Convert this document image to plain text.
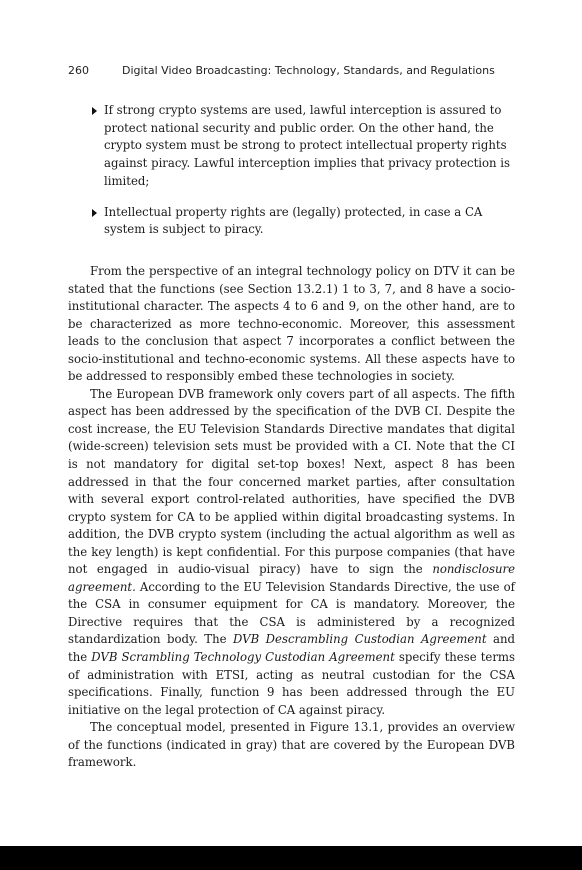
260	Digital Video Broadcasting: Technology, Standards, and Regulations
If strong crypto systems are used, lawful interception is assured to protect national security and public order. On the other hand, the crypto system must be strong to protect intellectual property rights against piracy. Lawful interception implies that privacy protection is limited;
Intellectual property rights are (legally) protected, in case a CA system is subject to piracy.

From the perspective of an integral technology policy on DTV it can be stated that the functions (see Section 13.2.1) 1 to 3, 7, and 8 have a socio-institutional character. The aspects 4 to 6 and 9, on the other hand, are to be characterized as more techno-economic. Moreover, this assessment leads to the conclusion that aspect 7 incorporates a conflict between the socio-institutional and techno-economic systems. All these aspects have to be addressed to responsibly embed these technologies in society.

The European DVB framework only covers part of all aspects. The fifth aspect has been addressed by the specification of the DVB CI. Despite the cost increase, the EU Television Standards Directive mandates that digital (wide-screen) television sets must be provided with a CI. Note that the CI is not mandatory for digital set-top boxes! Next, aspect 8 has been addressed in that the four concerned market parties, after consultation with several export control-related authorities, have specified the DVB crypto system for CA to be applied within digital broadcasting systems. In addition, the DVB crypto system (including the actual algorithm as well as the key length) is kept confidential. For this purpose companies (that have not engaged in audio-visual piracy) have to sign the nondisclosure agreement. According to the EU Television Standards Directive, the use of the CSA in consumer equipment for CA is mandatory. Moreover, the Directive requires that the CSA is administered by a recognized standardization body. The DVB Descrambling Custodian Agreement and the DVB Scrambling Technology Custodian Agreement specify these terms of administration with ETSI, acting as neutral custodian for the CSA specifications. Finally, function 9 has been addressed through the EU initiative on the legal protection of CA against piracy.

The conceptual model, presented in Figure 13.1, provides an overview of the functions (indicated in gray) that are covered by the European DVB framework.
